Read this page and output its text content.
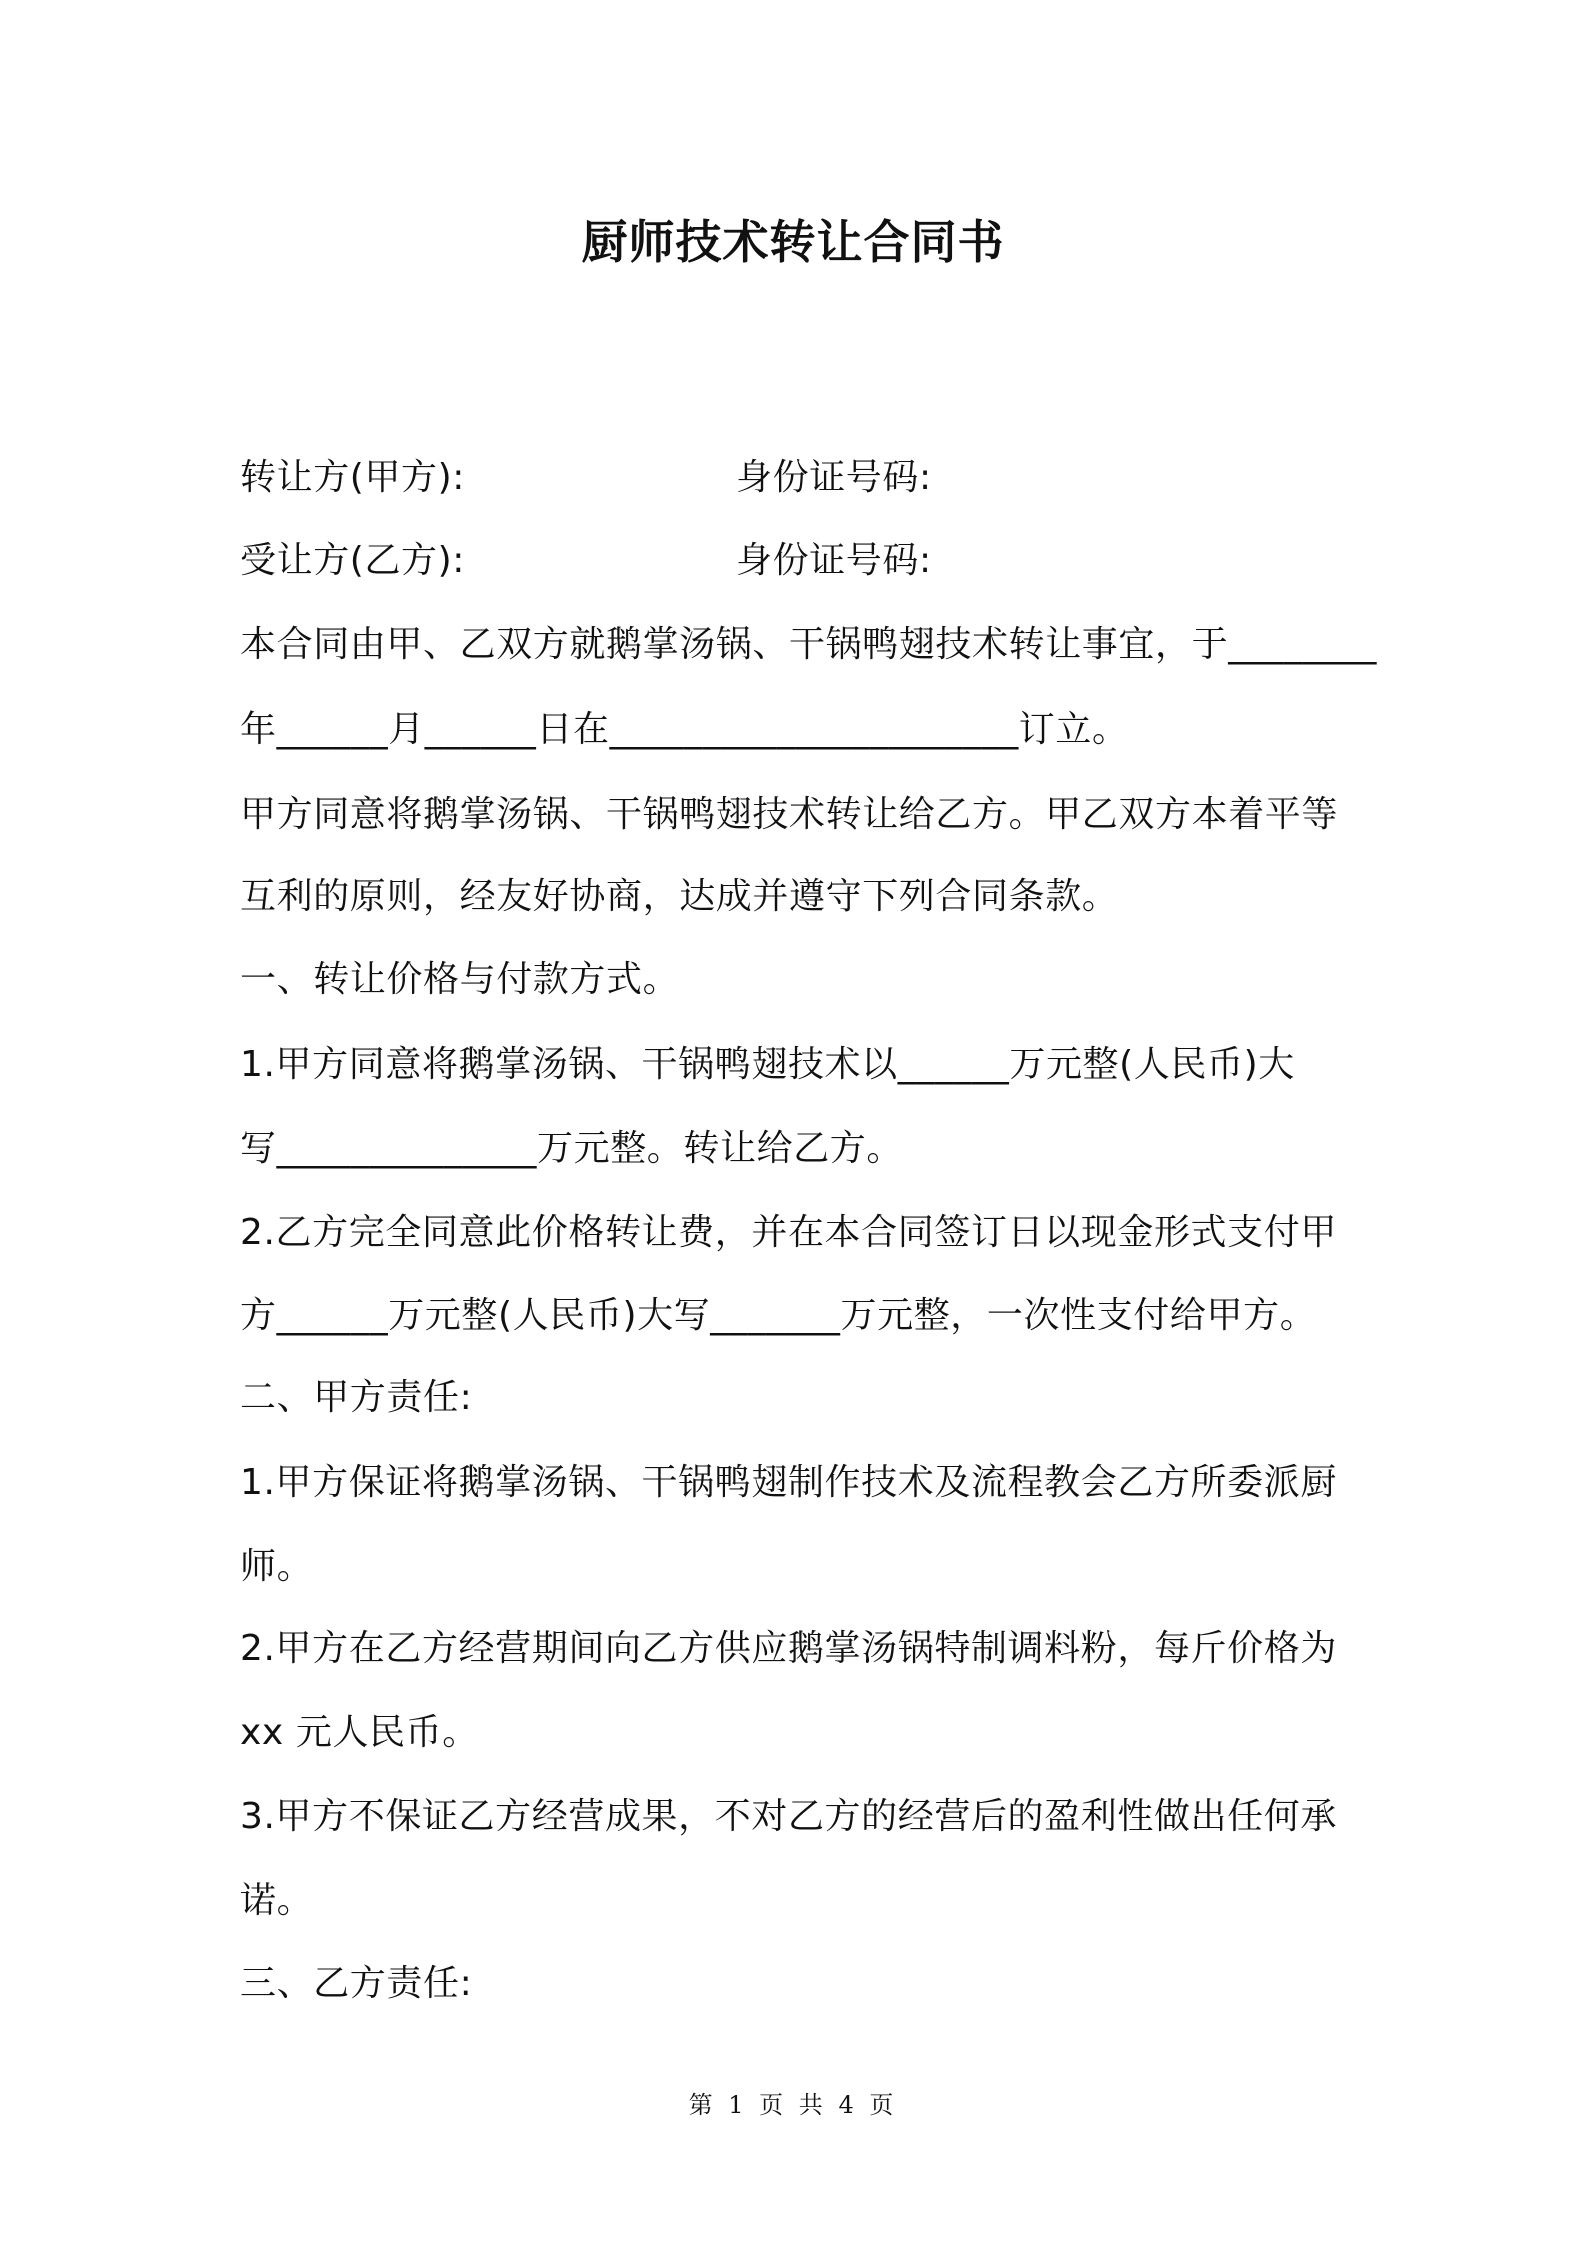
厨师技术转让合同书
转让方(甲方):	身份证号码:
受让方(乙方):	身份证号码:
本合同由甲、乙双方就鹅掌汤锅、干锅鸭翅技术转让事宜，于________
年______月______日在______________________订立。
甲方同意将鹅掌汤锅、干锅鸭翅技术转让给乙方。甲乙双方本着平等
互利的原则，经友好协商，达成并遵守下列合同条款。
一、转让价格与付款方式。
1.甲方同意将鹅掌汤锅、干锅鸭翅技术以______万元整(人民币)大
写______________万元整。转让给乙方。
2.乙方完全同意此价格转让费，并在本合同签订日以现金形式支付甲
方______万元整(人民币)大写_______万元整，一次性支付给甲方。
二、甲方责任:
1.甲方保证将鹅掌汤锅、干锅鸭翅制作技术及流程教会乙方所委派厨
师。
2.甲方在乙方经营期间向乙方供应鹅掌汤锅特制调料粉，每斤价格为
xx 元人民币。
3.甲方不保证乙方经营成果，不对乙方的经营后的盈利性做出任何承
诺。
三、乙方责任:
第 1 页 共 4 页
